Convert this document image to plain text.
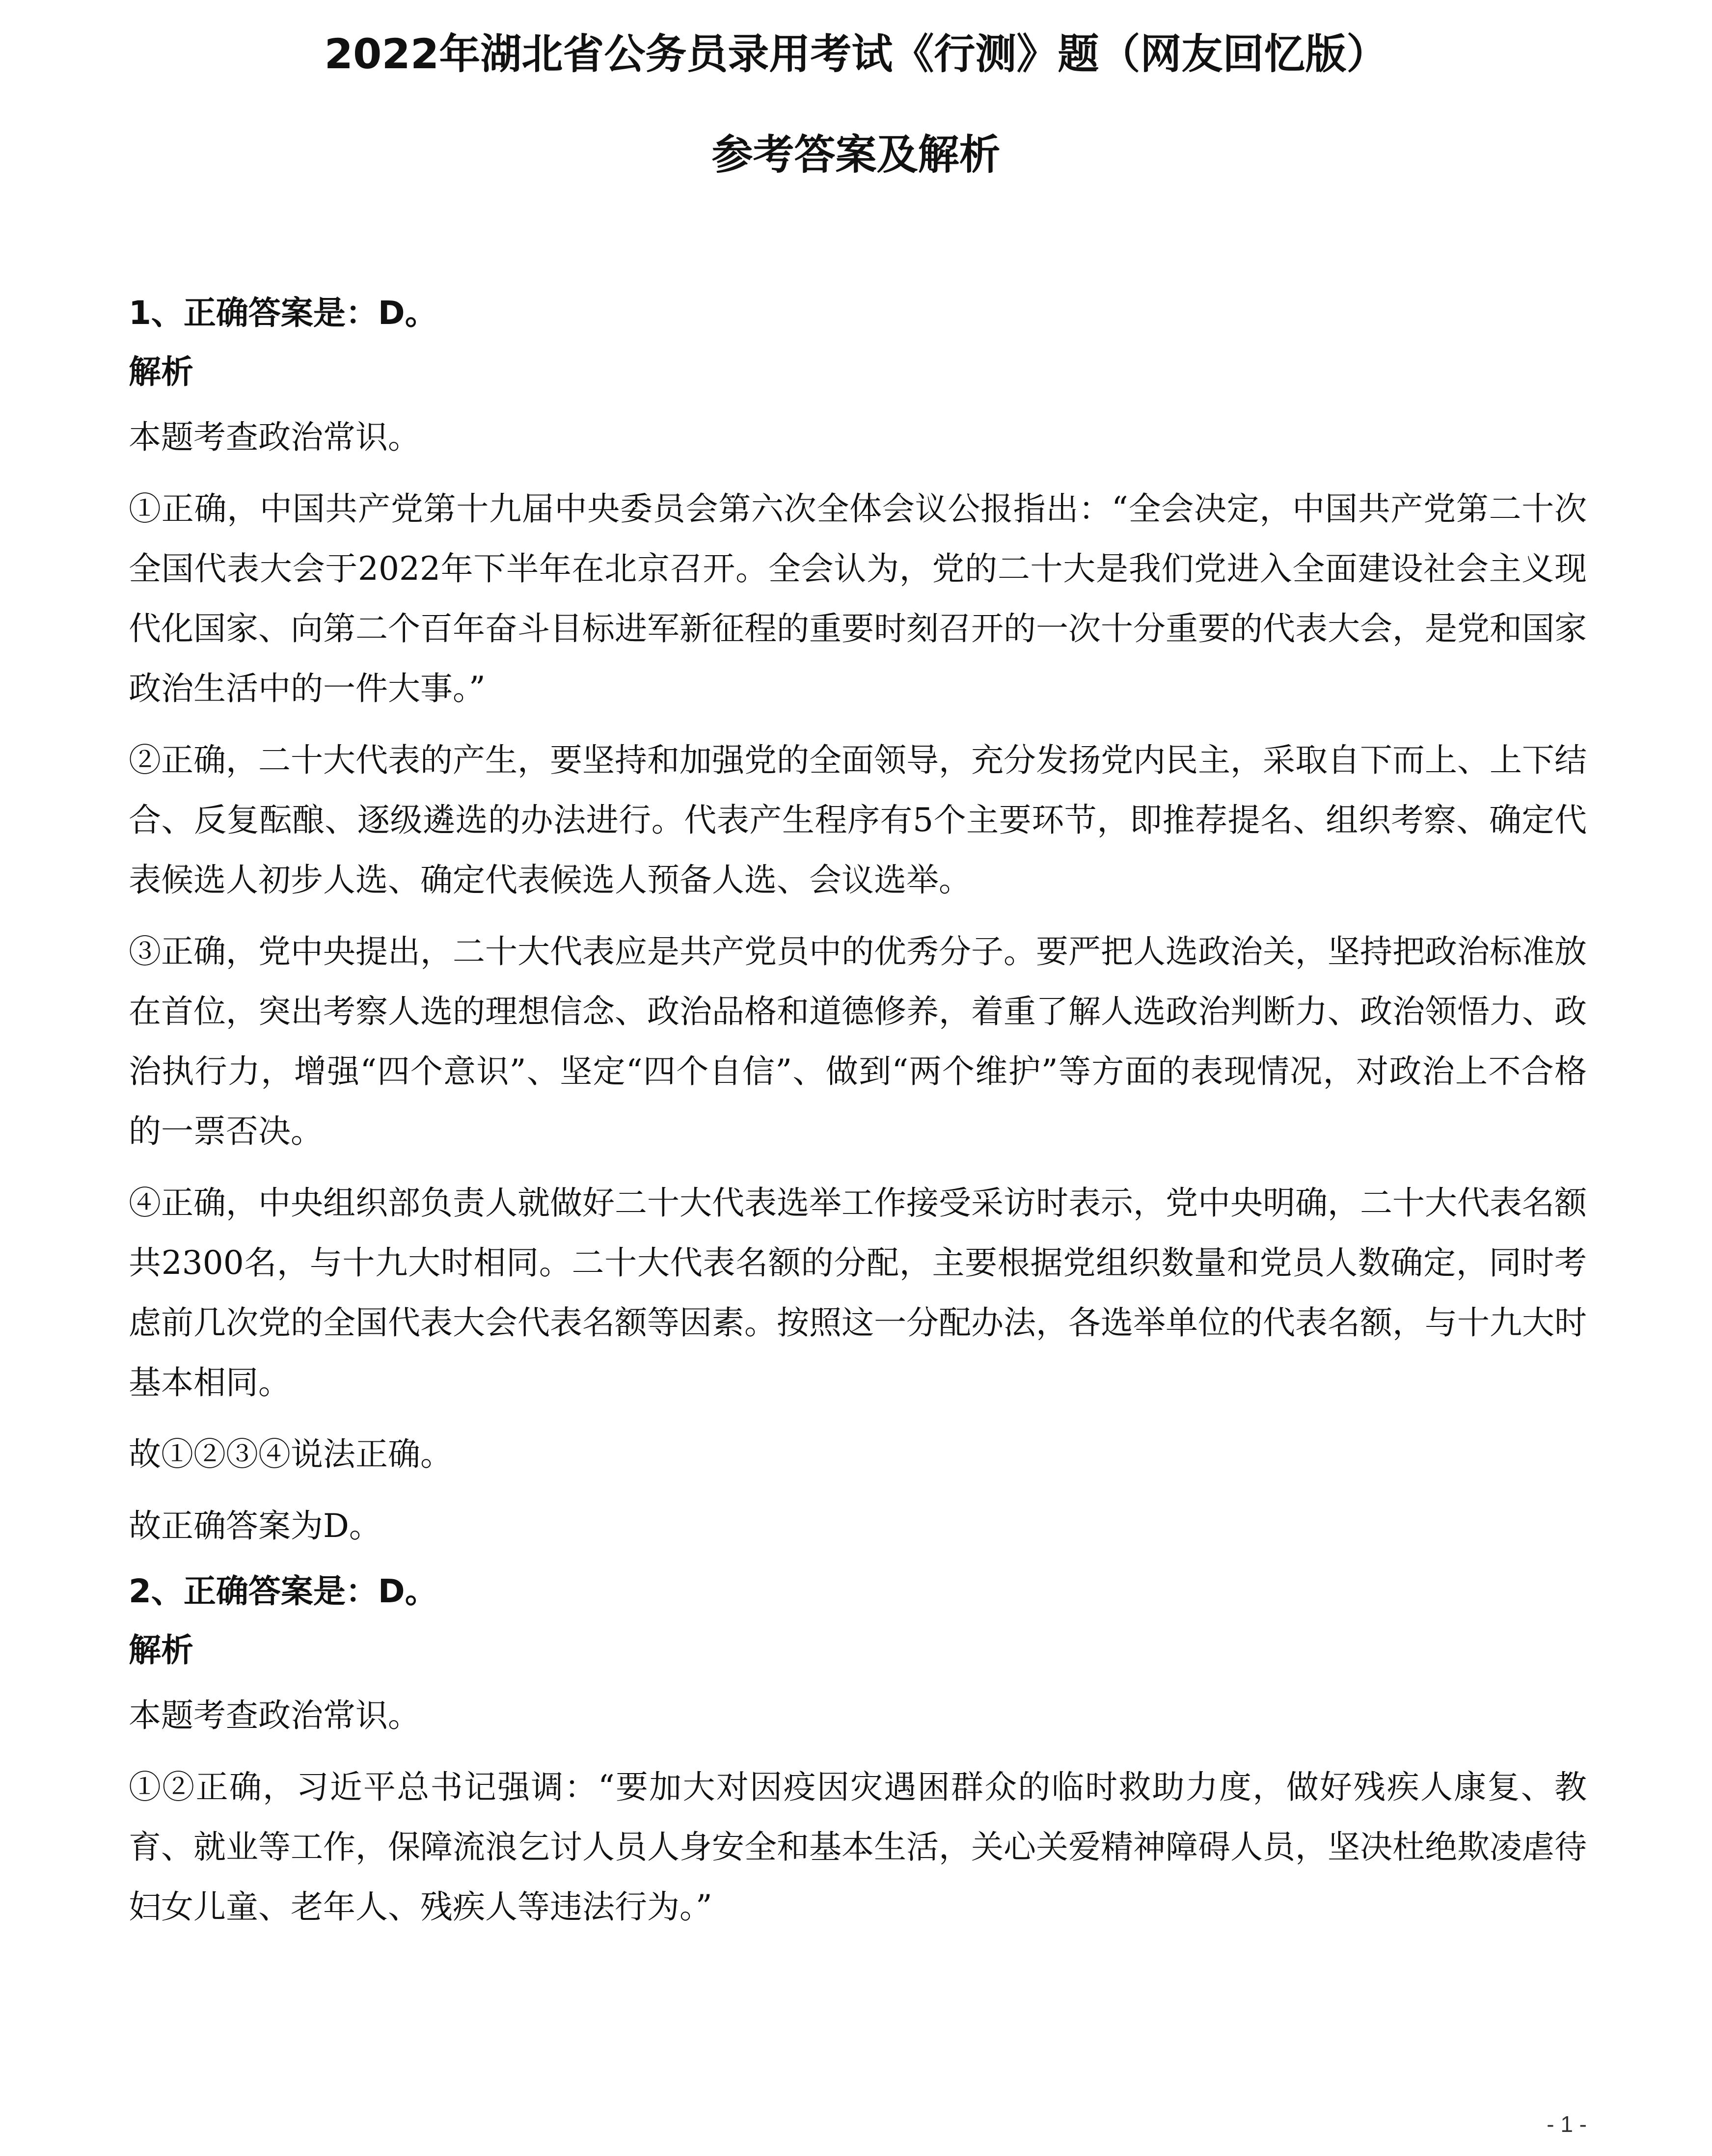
2022年湖北省公务员录用考试《行测》题（网友回忆版）
参考答案及解析
1、正确答案是：D。
解析
本题考查政治常识。
①正确，中国共产党第十九届中央委员会第六次全体会议公报指出：“全会决定，中国共产党第二十次全国代表大会于2022年下半年在北京召开。全会认为，党的二十大是我们党进入全面建设社会主义现代化国家、向第二个百年奋斗目标进军新征程的重要时刻召开的一次十分重要的代表大会，是党和国家政治生活中的一件大事。”
②正确，二十大代表的产生，要坚持和加强党的全面领导，充分发扬党内民主，采取自下而上、上下结合、反复酝酿、逐级遴选的办法进行。代表产生程序有5个主要环节，即推荐提名、组织考察、确定代表候选人初步人选、确定代表候选人预备人选、会议选举。
③正确，党中央提出，二十大代表应是共产党员中的优秀分子。要严把人选政治关，坚持把政治标准放在首位，突出考察人选的理想信念、政治品格和道德修养，着重了解人选政治判断力、政治领悟力、政治执行力，增强“四个意识”、坚定“四个自信”、做到“两个维护”等方面的表现情况，对政治上不合格的一票否决。
④正确，中央组织部负责人就做好二十大代表选举工作接受采访时表示，党中央明确，二十大代表名额共2300名，与十九大时相同。二十大代表名额的分配，主要根据党组织数量和党员人数确定，同时考虑前几次党的全国代表大会代表名额等因素。按照这一分配办法，各选举单位的代表名额，与十九大时基本相同。
故①②③④说法正确。
故正确答案为D。
2、正确答案是：D。
解析
本题考查政治常识。
①②正确，习近平总书记强调：“要加大对因疫因灾遇困群众的临时救助力度，做好残疾人康复、教育、就业等工作，保障流浪乞讨人员人身安全和基本生活，关心关爱精神障碍人员，坚决杜绝欺凌虐待妇女儿童、老年人、残疾人等违法行为。”
- 1 -
